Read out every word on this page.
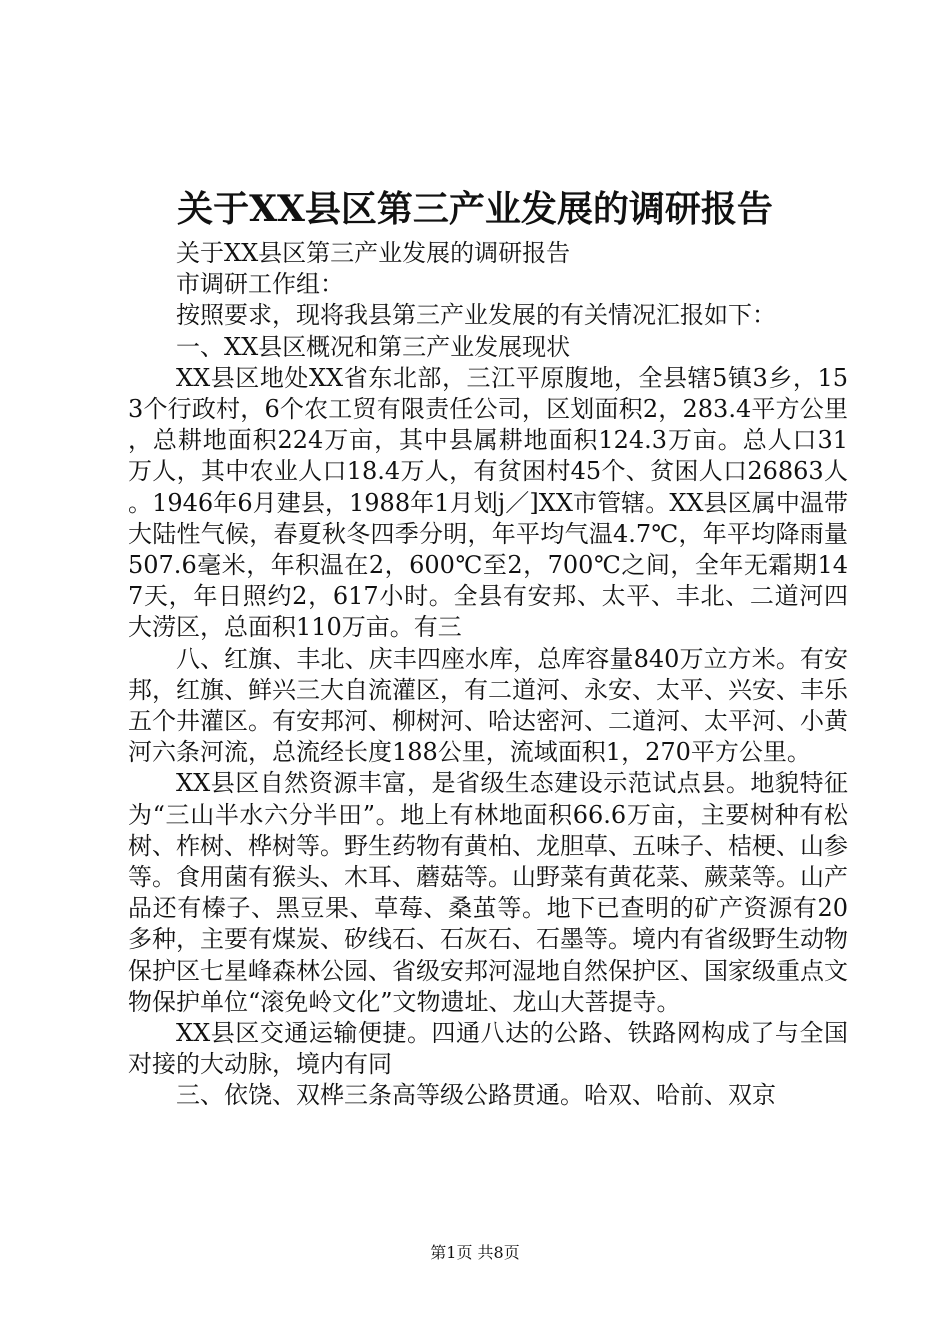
关于XX县区第三产业发展的调研报告

关于XX县区第三产业发展的调研报告

市调研工作组：

按照要求，现将我县第三产业发展的有关情况汇报如下：

一、XX县区概况和第三产业发展现状

XX县区地处XX省东北部，三江平原腹地，全县辖5镇3乡，153个行政村，6个农工贸有限责任公司，区划面积2，283.4平方公里，总耕地面积224万亩，其中县属耕地面积124.3万亩。总人口31万人，其中农业人口18.4万人，有贫困村45个、贫困人口26863人。1946年6月建县，1988年1月划j／]XX市管辖。XX县区属中温带大陆性气候，春夏秋冬四季分明，年平均气温4.7℃，年平均降雨量507.6毫米，年积温在2，600℃至2，700℃之间，全年无霜期147天，年日照约2，617小时。全县有安邦、太平、丰北、二道河四大涝区，总面积110万亩。有三

八、红旗、丰北、庆丰四座水库，总库容量840万立方米。有安邦，红旗、鲜兴三大自流灌区，有二道河、永安、太平、兴安、丰乐五个井灌区。有安邦河、柳树河、哈达密河、二道河、太平河、小黄河六条河流，总流经长度188公里，流域面积1，270平方公里。

XX县区自然资源丰富，是省级生态建设示范试点县。地貌特征为“三山半水六分半田”。地上有林地面积66.6万亩，主要树种有松树、柞树、桦树等。野生药物有黄柏、龙胆草、五味子、桔梗、山参等。食用菌有猴头、木耳、蘑菇等。山野菜有黄花菜、蕨菜等。山产品还有榛子、黑豆果、草莓、桑茧等。地下已查明的矿产资源有20多种，主要有煤炭、矽线石、石灰石、石墨等。境内有省级野生动物保护区七星峰森林公园、省级安邦河湿地自然保护区、国家级重点文物保护单位“滚免岭文化”文物遗址、龙山大菩提寺。

XX县区交通运输便捷。四通八达的公路、铁路网构成了与全国对接的大动脉，境内有同

三、依饶、双桦三条高等级公路贯通。哈双、哈前、双京

第1页 共8页
